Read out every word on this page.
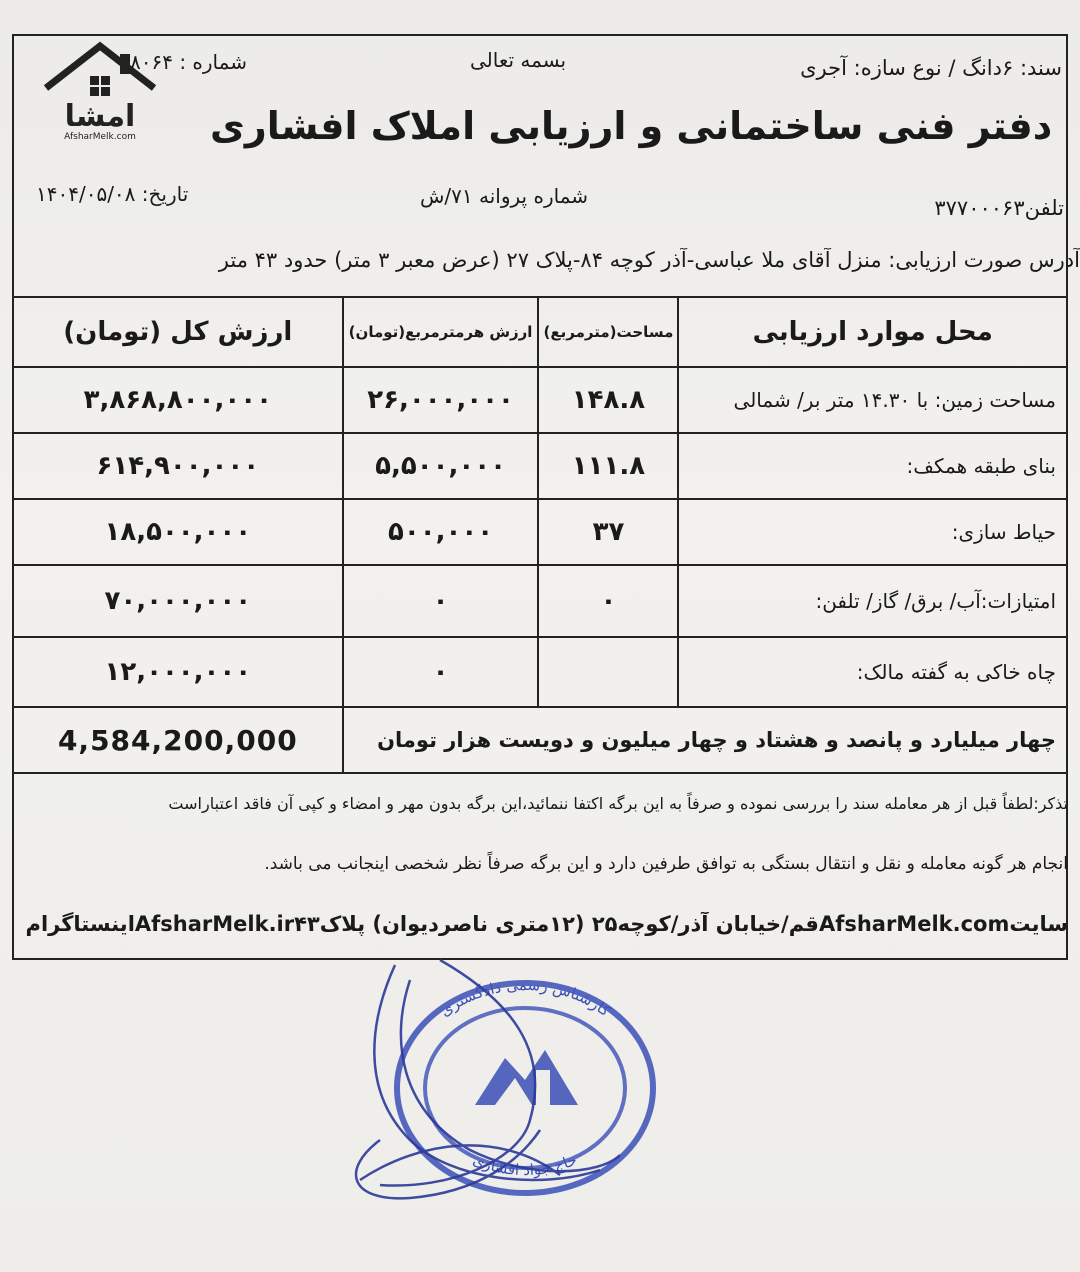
امشا
AfsharMelk.com
سند: ۶دانگ / نوع سازه: آجری
بسمه تعالی
شماره : ۸۰۶۴
دفتر فنی ساختمانی و ارزیابی املاک افشاری
شماره پروانه ۷۱/ش
تاریخ: ۱۴۰۴/۰۵/۰۸
تلفن۳۷۷۰۰۰۶۳
آدرس صورت ارزیابی: منزل آقای ملا عباسی-آذر کوچه ۸۴-پلاک ۲۷ (عرض معبر ۳ متر) حدود ۴۳ متر
محل موارد ارزیابی	مساحت(مترمربع)	ارزش هرمترمربع(تومان)	ارزش کل (تومان)
مساحت زمین: با ۱۴.۳۰ متر بر/ شمالی	۱۴۸.۸	۲۶,۰۰۰,۰۰۰	۳,۸۶۸,۸۰۰,۰۰۰
بنای طبقه همکف:	۱۱۱.۸	۵,۵۰۰,۰۰۰	۶۱۴,۹۰۰,۰۰۰
حیاط سازی:	۳۷	۵۰۰,۰۰۰	۱۸,۵۰۰,۰۰۰
امتیازات:آب/ برق/ گاز/ تلفن:	۰	۰	۷۰,۰۰۰,۰۰۰
چاه خاکی به گفته مالک:		۰	۱۲,۰۰۰,۰۰۰
چهار میلیارد و پانصد و هشتاد و چهار میلیون و دویست هزار تومان			4,584,200,000
تذکر:لطفاً قبل از هر معامله سند را بررسی نموده و صرفاً به این برگه اکتفا ننمائید،این برگه بدون مهر و امضاء و کپی آن فاقد اعتباراست
انجام هر گونه معامله و نقل و انتقال بستگی به توافق طرفین دارد و این برگه صرفاً نظر شخصی اینجانب می باشد.
اینستاگرامAfsharMelk.irقم/خیابان آذر/کوچه۲۵ (۱۲متری ناصردیوان) پلاک۴۳AfsharMelk.comسایت
کارشناس رسمی دادگستری
حاج جواد افشاری
